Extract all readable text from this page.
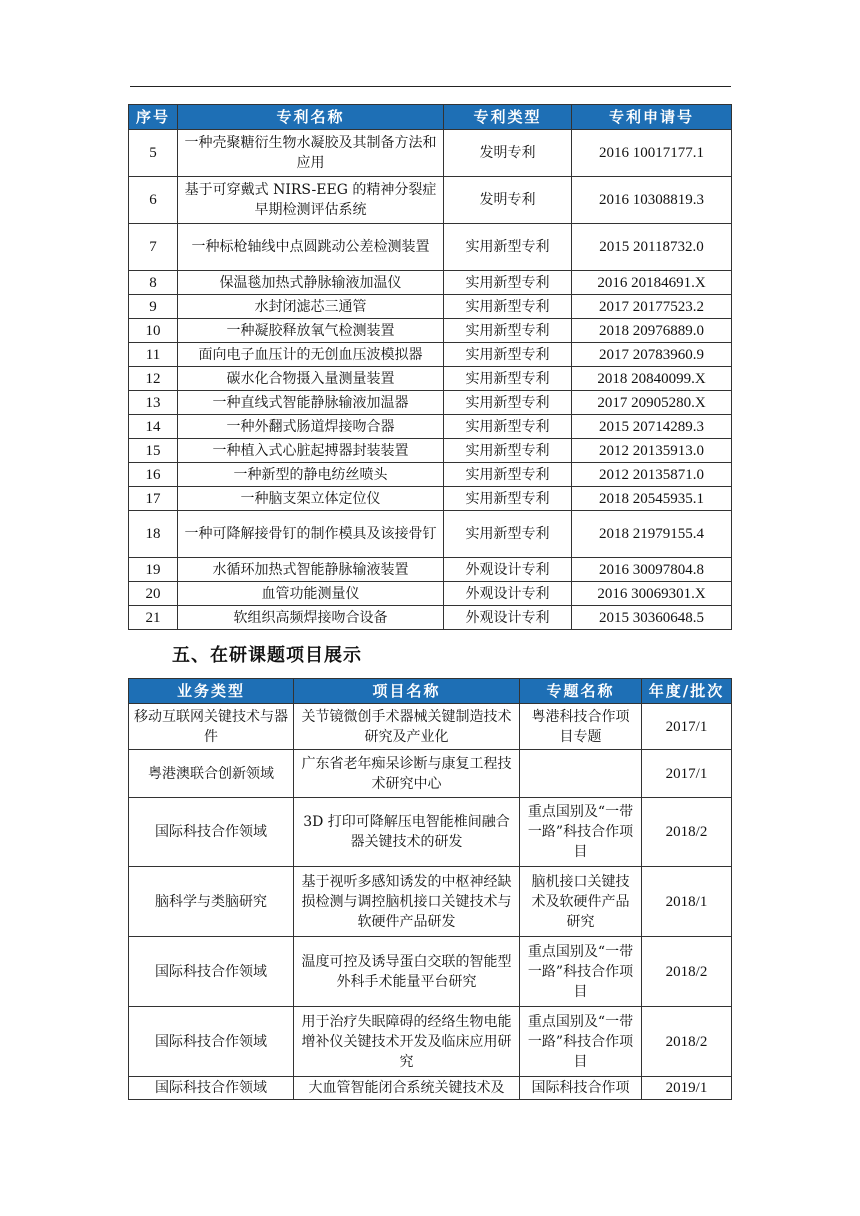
序号	专利名称	专利类型	专利申请号
5	一种壳聚糖衍生物水凝胶及其制备方法和应用	发明专利	2016 10017177.1
6	基于可穿戴式 NIRS-EEG 的精神分裂症早期检测评估系统	发明专利	2016 10308819.3
7	一种标枪轴线中点圆跳动公差检测装置	实用新型专利	2015 20118732.0
8	保温毯加热式静脉输液加温仪	实用新型专利	2016 20184691.X
9	水封闭滤芯三通管	实用新型专利	2017 20177523.2
10	一种凝胶释放氧气检测装置	实用新型专利	2018 20976889.0
11	面向电子血压计的无创血压波模拟器	实用新型专利	2017 20783960.9
12	碳水化合物摄入量测量装置	实用新型专利	2018 20840099.X
13	一种直线式智能静脉输液加温器	实用新型专利	2017 20905280.X
14	一种外翻式肠道焊接吻合器	实用新型专利	2015 20714289.3
15	一种植入式心脏起搏器封装装置	实用新型专利	2012 20135913.0
16	一种新型的静电纺丝喷头	实用新型专利	2012 20135871.0
17	一种脑支架立体定位仪	实用新型专利	2018 20545935.1
18	一种可降解接骨钉的制作模具及该接骨钉	实用新型专利	2018 21979155.4
19	水循环加热式智能静脉输液装置	外观设计专利	2016 30097804.8
20	血管功能测量仪	外观设计专利	2016 30069301.X
21	软组织高频焊接吻合设备	外观设计专利	2015 30360648.5
五、在研课题项目展示
业务类型	项目名称	专题名称	年度/批次
移动互联网关键技术与器件	关节镜微创手术器械关键制造技术研究及产业化	粤港科技合作项目专题	2017/1
粤港澳联合创新领域	广东省老年痴呆诊断与康复工程技术研究中心		2017/1
国际科技合作领域	3D 打印可降解压电智能椎间融合器关键技术的研发	重点国别及“一带一路”科技合作项目	2018/2
脑科学与类脑研究	基于视听多感知诱发的中枢神经缺损检测与调控脑机接口关键技术与软硬件产品研发	脑机接口关键技术及软硬件产品研究	2018/1
国际科技合作领域	温度可控及诱导蛋白交联的智能型外科手术能量平台研究	重点国别及“一带一路”科技合作项目	2018/2
国际科技合作领域	用于治疗失眠障碍的经络生物电能增补仪关键技术开发及临床应用研究	重点国别及“一带一路”科技合作项目	2018/2
国际科技合作领域	大血管智能闭合系统关键技术及	国际科技合作项	2019/1
